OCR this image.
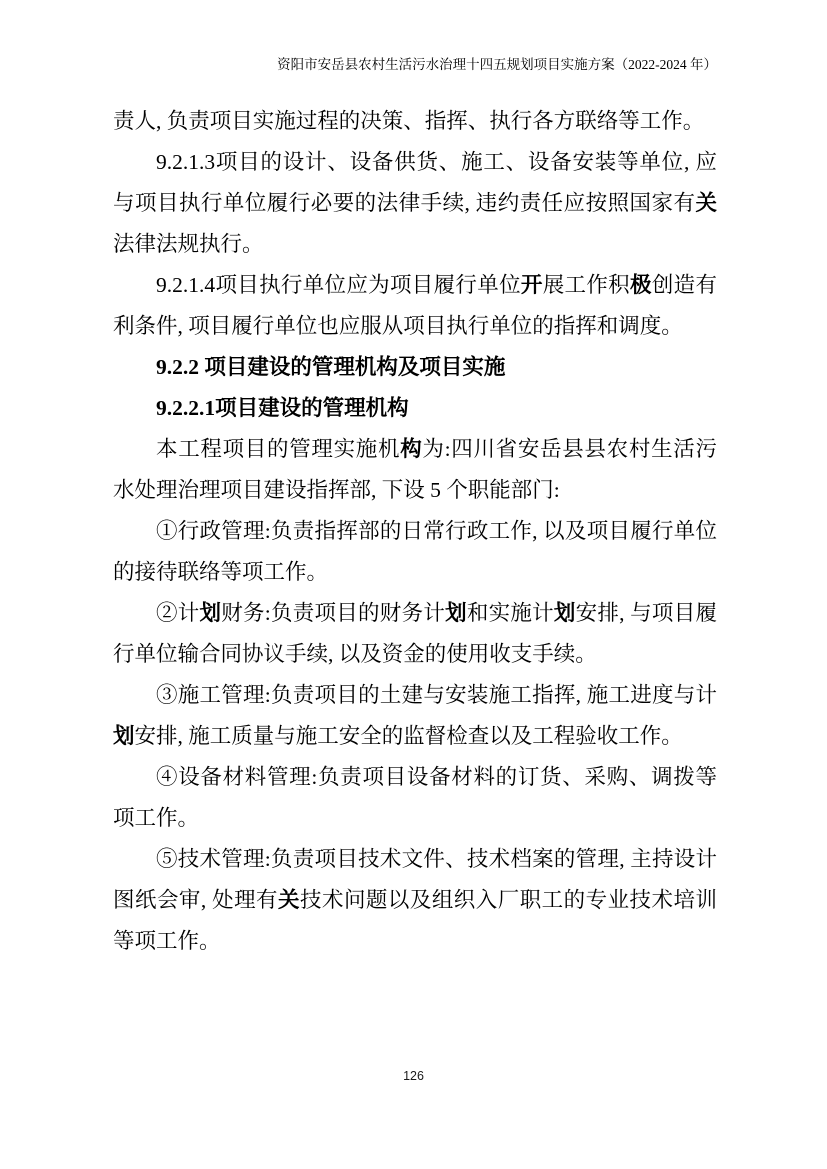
资阳市安岳县农村生活污水治理十四五规划项目实施方案（2022-2024 年）

责人, 负责项目实施过程的决策、指挥、执行各方联络等工作。

9.2.1.3项目的设计、设备供货、施工、设备安装等单位, 应与项目执行单位履行必要的法律手续, 违约责任应按照国家有关法律法规执行。

9.2.1.4项目执行单位应为项目履行单位开展工作积极创造有利条件, 项目履行单位也应服从项目执行单位的指挥和调度。

9.2.2 项目建设的管理机构及项目实施

9.2.2.1项目建设的管理机构

本工程项目的管理实施机构为:四川省安岳县县农村生活污水处理治理项目建设指挥部, 下设 5 个职能部门:

①行政管理:负责指挥部的日常行政工作, 以及项目履行单位的接待联络等项工作。

②计划财务:负责项目的财务计划和实施计划安排, 与项目履行单位输合同协议手续, 以及资金的使用收支手续。

③施工管理:负责项目的土建与安装施工指挥, 施工进度与计划安排, 施工质量与施工安全的监督检查以及工程验收工作。

④设备材料管理:负责项目设备材料的订货、采购、调拨等项工作。

⑤技术管理:负责项目技术文件、技术档案的管理, 主持设计图纸会审, 处理有关技术问题以及组织入厂职工的专业技术培训等项工作。

126
